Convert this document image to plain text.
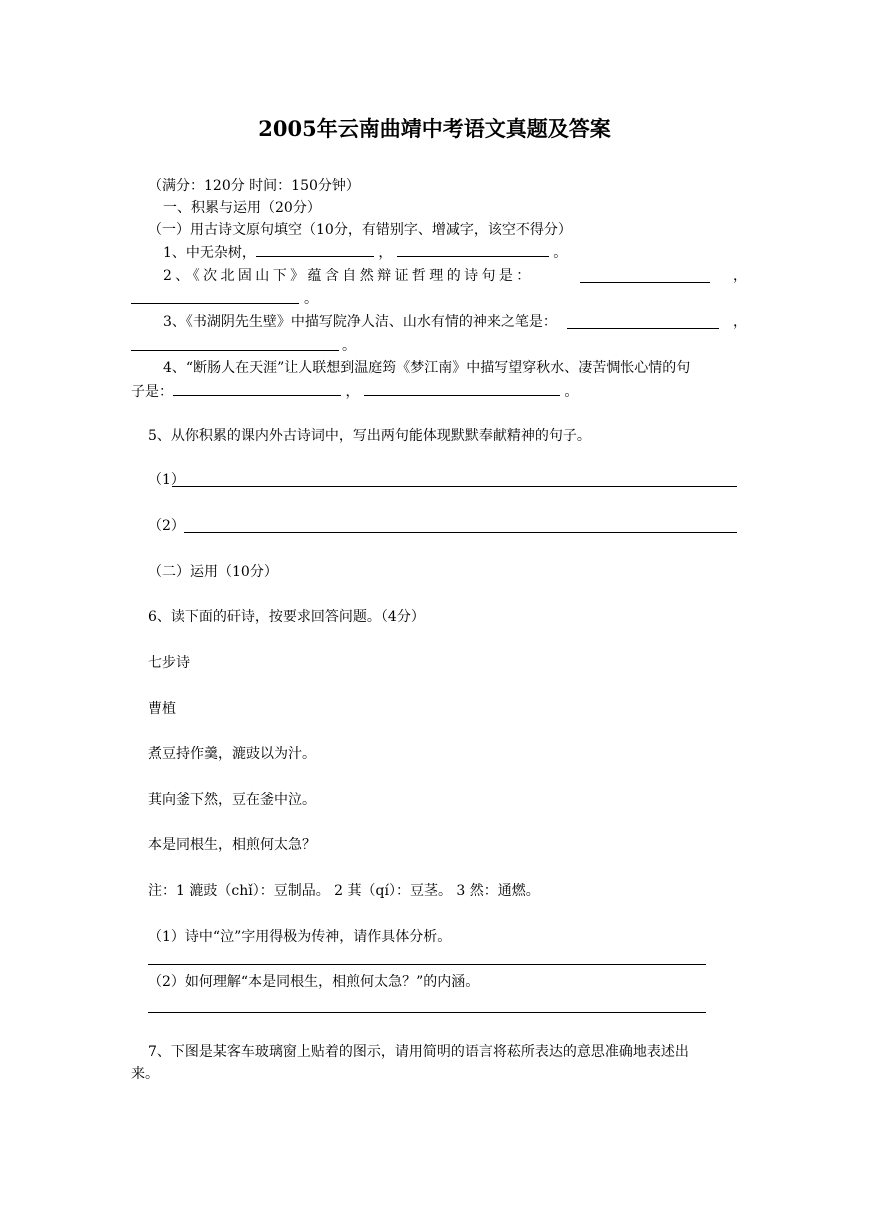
2005年云南曲靖中考语文真题及答案
（满分：120分 时间：150分钟）
一、积累与运用（20分）
（一）用古诗文原句填空（10分，有错别字、增减字，该空不得分）
1、中无杂树，	，	。
2、《次北固山下》蕴含自然辩证哲理的诗句是：	，
。
3、《书湖阴先生壁》中描写院净人洁、山水有情的神来之笔是：	，
。
4、“断肠人在天涯”让人联想到温庭筠《梦江南》中描写望穿秋水、凄苦惆怅心情的句
子是：	，	。
5、从你积累的课内外古诗词中，写出两句能体现默默奉献精神的句子。
（1）
（2）
（二）运用（10分）
6、读下面的矸诗，按要求回答问题。（4分）
七步诗
曹植
煮豆持作羹，漉豉以为汁。
萁向釜下然，豆在釜中泣。
本是同根生，相煎何太急？
注：1 漉豉（chǐ）：豆制品。 2 萁（qí）：豆茎。 3 然：通燃。
（1）诗中“泣”字用得极为传神，请作具体分析。
（2）如何理解“本是同根生，相煎何太急？”的内涵。
7、下图是某客车玻璃窗上贴着的图示，请用简明的语言将菘所表达的意思准确地表述出
来。
